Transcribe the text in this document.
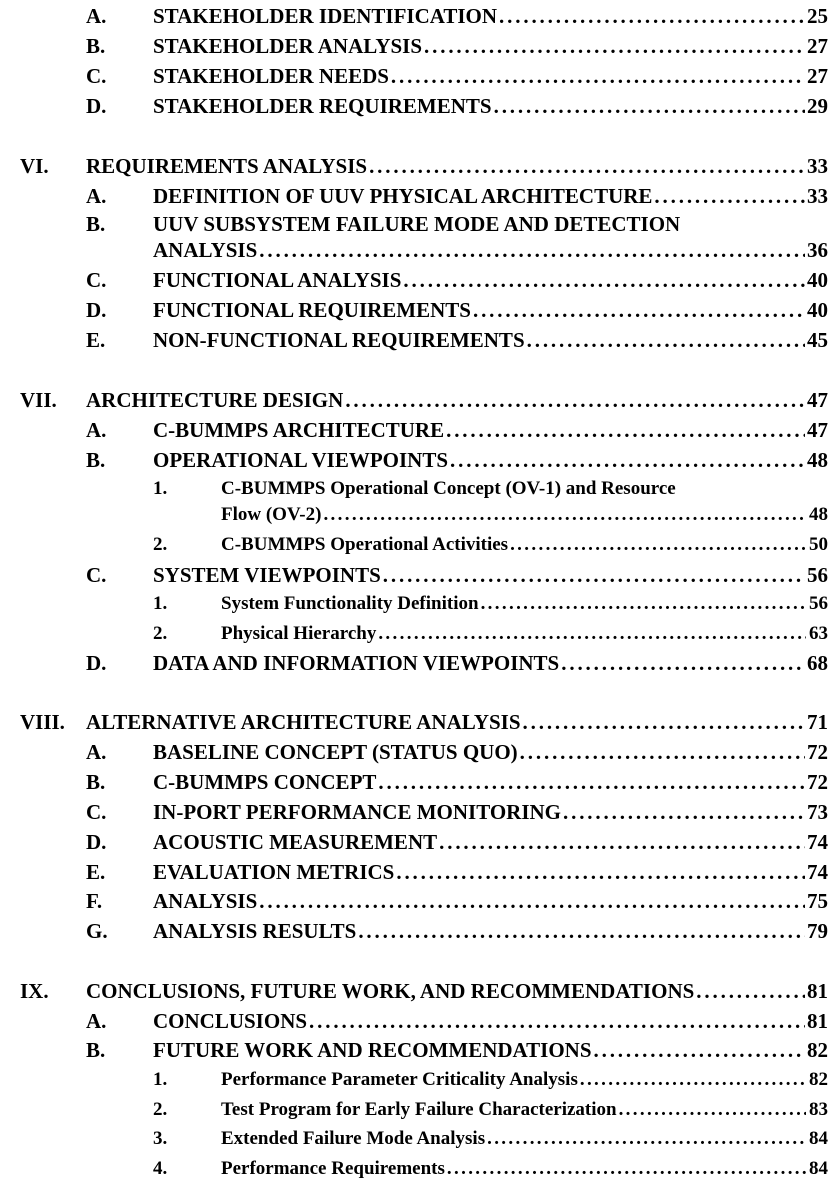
A. STAKEHOLDER IDENTIFICATION . . .	25
B. STAKEHOLDER ANALYSIS . . .	27
C. STAKEHOLDER NEEDS . . .	27
D. STAKEHOLDER REQUIREMENTS . . .	29
VI. REQUIREMENTS ANALYSIS . . .	33
A. DEFINITION OF UUV PHYSICAL ARCHITECTURE . . .	33
B. UUV SUBSYSTEM FAILURE MODE AND DETECTION
ANALYSIS . . .	36
C. FUNCTIONAL ANALYSIS . . .	40
D. FUNCTIONAL REQUIREMENTS . . .	40
E. NON-FUNCTIONAL REQUIREMENTS . . .	45
VII. ARCHITECTURE DESIGN . . .	47
A. C-BUMMPS ARCHITECTURE . . .	47
B. OPERATIONAL VIEWPOINTS . . .	48
1.	C-BUMMPS Operational Concept (OV-1) and Resource
Flow (OV-2) . . .	48
2.	C-BUMMPS Operational Activities . . .	50
C. SYSTEM VIEWPOINTS . . .	56
1.	System Functionality Definition . . .	56
2.	Physical Hierarchy . . .	63
D. DATA AND INFORMATION VIEWPOINTS . . .	68
VIII. ALTERNATIVE ARCHITECTURE ANALYSIS . . .	71
A. BASELINE CONCEPT (STATUS QUO) . . .	72
B. C-BUMMPS CONCEPT . . .	72
C. IN-PORT PERFORMANCE MONITORING . . .	73
D. ACOUSTIC MEASUREMENT . . .	74
E. EVALUATION METRICS . . .	74
F. ANALYSIS . . .	75
G. ANALYSIS RESULTS . . .	79
IX. CONCLUSIONS, FUTURE WORK, AND RECOMMENDATIONS . . .	81
A. CONCLUSIONS . . .	81
B. FUTURE WORK AND RECOMMENDATIONS . . .	82
1.	Performance Parameter Criticality Analysis . . .	82
2.	Test Program for Early Failure Characterization . . .	83
3.	Extended Failure Mode Analysis . . .	84
4.	Performance Requirements . . .	84
